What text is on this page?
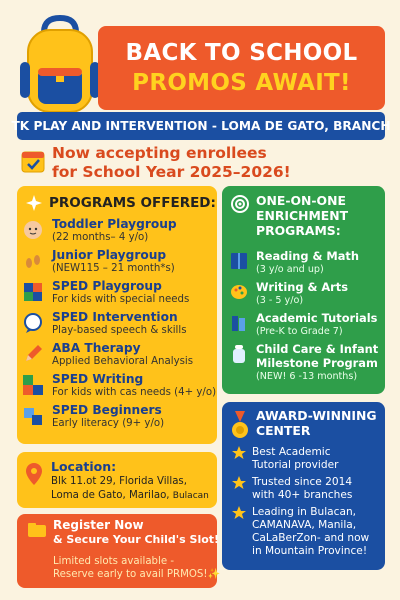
BACK TO SCHOOL
PROMOS AWAIT!
TK PLAY AND INTERVENTION - LOMA DE GATO, BRANCH
Now accepting enrollees
for School Year 2025–2026!
PROGRAMS OFFERED:
Toddler Playgroup
(22 months– 4 y/o)
Junior Playgroup
(NEW115 – 21 month*s)
SPED Playgroup
For kids with special needs
SPED Intervention
Play-based speech & skills
ABA Therapy
Applied Behavioral Analysis
SPED Writing
For kids with cas needs (4+ y/o)
SPED Beginners
Early literacy (9+ y/o)
Location:
Blk 11.ot 29, Florida Villas,
Loma de Gato, Marilao, Bulacan
Register Now
& Secure Your Child's Slot!
Limited slots available -
Reserve early to avail PRMOS!✨
ONE-ON-ONE
ENRICHMENT
PROGRAMS:
Reading & Math
(3 y/o and up)
Writing & Arts
(3 - 5 y/o)
Academic Tutorials
(Pre-K to Grade 7)
Child Care & Infant
Milestone Program
(NEW! 6 -13 months)
AWARD-WINNING
CENTER
Best Academic
Tutorial provider
Trusted since 2014
with 40+ branches
Leading in Bulacan,
CAMANAVA, Manila,
CaLaBerZon- and now
in Mountain Province!
